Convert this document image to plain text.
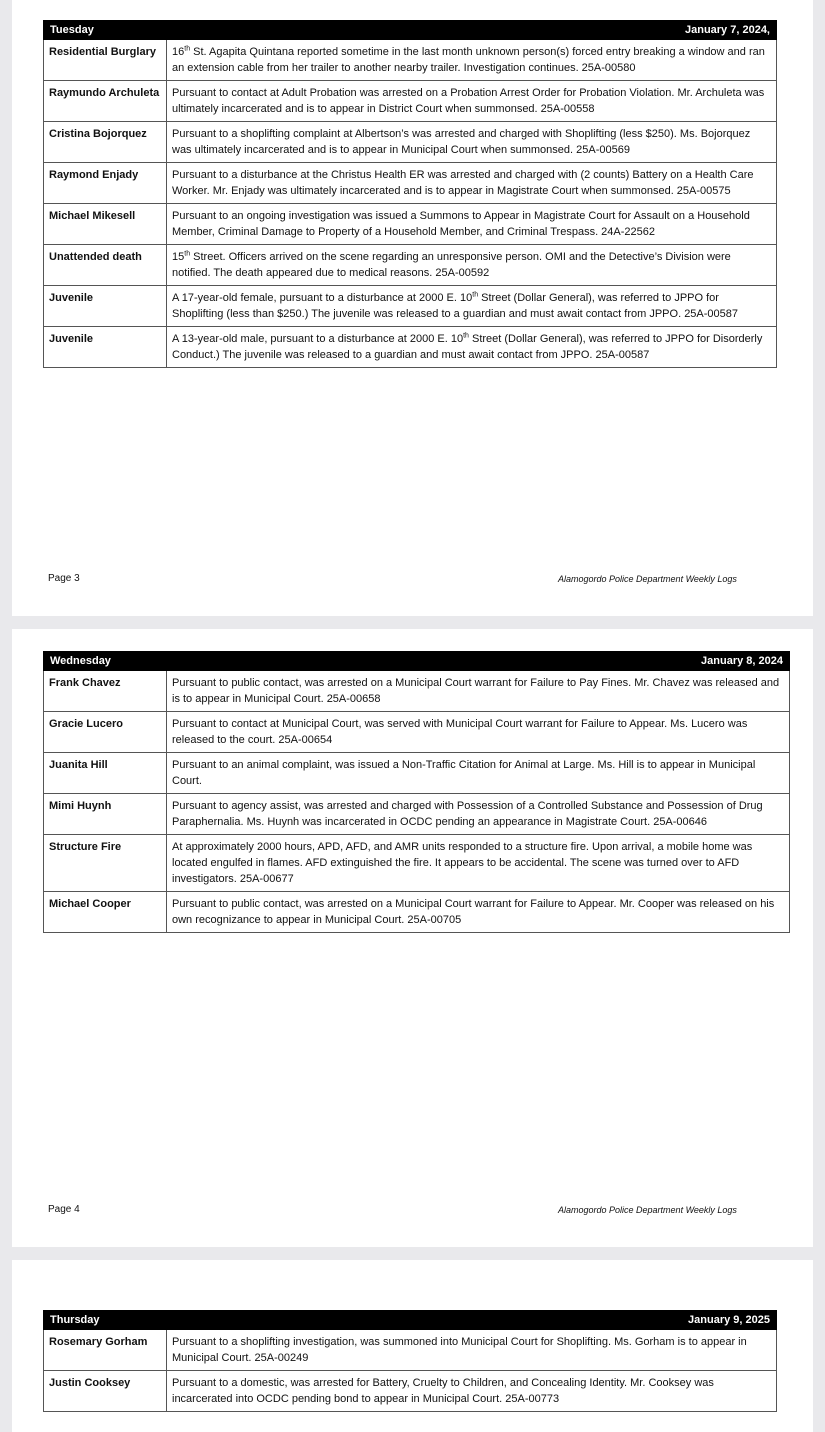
Tuesday	January 7, 2024,
Residential Burglary	16th St. Agapita Quintana reported sometime in the last month unknown person(s) forced entry breaking a window and ran an extension cable from her trailer to another nearby trailer. Investigation continues. 25A-00580
Raymundo Archuleta	Pursuant to contact at Adult Probation was arrested on a Probation Arrest Order for Probation Violation. Mr. Archuleta was ultimately incarcerated and is to appear in District Court when summonsed. 25A-00558
Cristina Bojorquez	Pursuant to a shoplifting complaint at Albertson’s was arrested and charged with Shoplifting (less $250). Ms. Bojorquez was ultimately incarcerated and is to appear in Municipal Court when summonsed. 25A-00569
Raymond Enjady	Pursuant to a disturbance at the Christus Health ER was arrested and charged with (2 counts) Battery on a Health Care Worker. Mr. Enjady was ultimately incarcerated and is to appear in Magistrate Court when summonsed. 25A-00575
Michael Mikesell	Pursuant to an ongoing investigation was issued a Summons to Appear in Magistrate Court for Assault on a Household Member, Criminal Damage to Property of a Household Member, and Criminal Trespass. 24A-22562
Unattended death	15th Street. Officers arrived on the scene regarding an unresponsive person. OMI and the Detective’s Division were notified. The death appeared due to medical reasons. 25A-00592
Juvenile	A 17-year-old female, pursuant to a disturbance at 2000 E. 10th Street (Dollar General), was referred to JPPO for Shoplifting (less than $250.) The juvenile was released to a guardian and must await contact from JPPO. 25A-00587
Juvenile	A 13-year-old male, pursuant to a disturbance at 2000 E. 10th Street (Dollar General), was referred to JPPO for Disorderly Conduct.) The juvenile was released to a guardian and must await contact from JPPO. 25A-00587
Page 3	Alamogordo Police Department Weekly Logs
Wednesday	January 8, 2024
Frank Chavez	Pursuant to public contact, was arrested on a Municipal Court warrant for Failure to Pay Fines. Mr. Chavez was released and is to appear in Municipal Court. 25A-00658
Gracie Lucero	Pursuant to contact at Municipal Court, was served with Municipal Court warrant for Failure to Appear. Ms. Lucero was released to the court. 25A-00654
Juanita Hill	Pursuant to an animal complaint, was issued a Non-Traffic Citation for Animal at Large. Ms. Hill is to appear in Municipal Court.
Mimi Huynh	Pursuant to agency assist, was arrested and charged with Possession of a Controlled Substance and Possession of Drug Paraphernalia. Ms. Huynh was incarcerated in OCDC pending an appearance in Magistrate Court. 25A-00646
Structure Fire	At approximately 2000 hours, APD, AFD, and AMR units responded to a structure fire. Upon arrival, a mobile home was located engulfed in flames. AFD extinguished the fire. It appears to be accidental. The scene was turned over to AFD investigators. 25A-00677
Michael Cooper	Pursuant to public contact, was arrested on a Municipal Court warrant for Failure to Appear. Mr. Cooper was released on his own recognizance to appear in Municipal Court. 25A-00705
Page 4	Alamogordo Police Department Weekly Logs
Thursday	January 9, 2025
Rosemary Gorham	Pursuant to a shoplifting investigation, was summoned into Municipal Court for Shoplifting. Ms. Gorham is to appear in Municipal Court. 25A-00249
Justin Cooksey	Pursuant to a domestic, was arrested for Battery, Cruelty to Children, and Concealing Identity. Mr. Cooksey was incarcerated into OCDC pending bond to appear in Municipal Court. 25A-00773
